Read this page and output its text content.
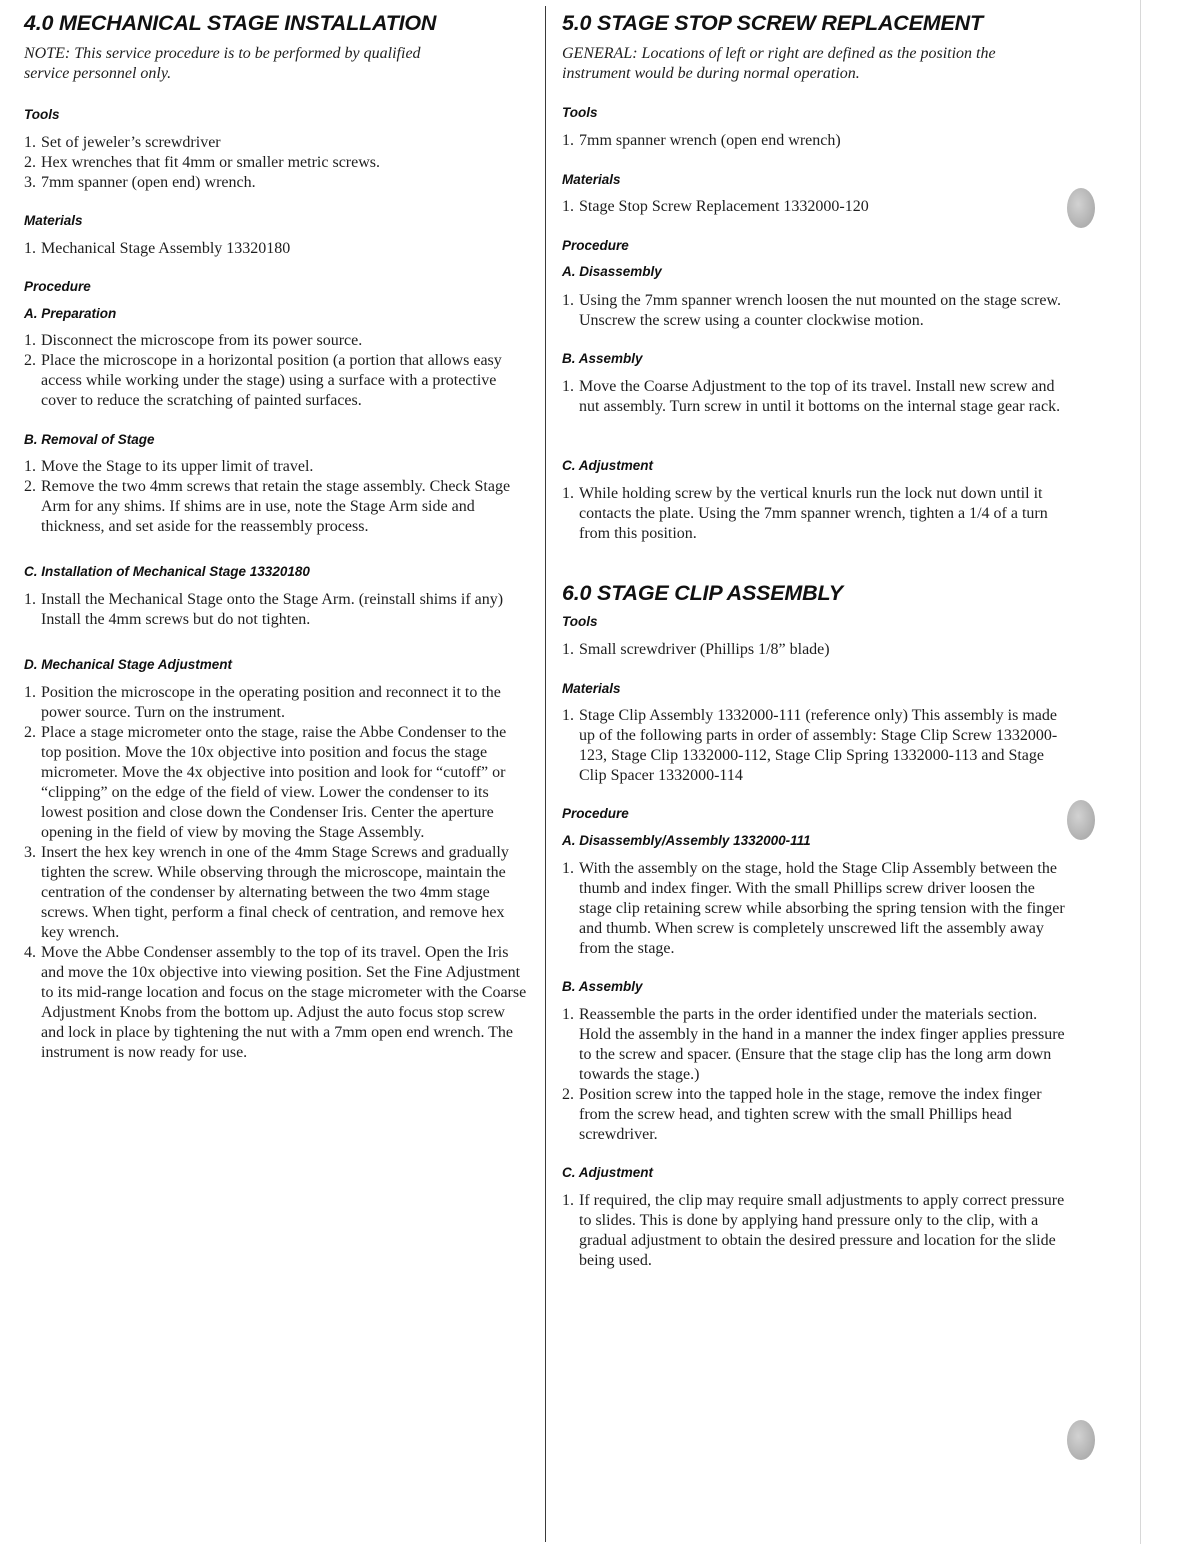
4.0 MECHANICAL STAGE INSTALLATION
NOTE: This service procedure is to be performed by qualified service personnel only.
Tools
1. Set of jeweler’s screwdriver
2. Hex wrenches that fit 4mm or smaller metric screws.
3. 7mm spanner (open end) wrench.
Materials
1. Mechanical Stage Assembly 13320180
Procedure
A. Preparation
1. Disconnect the microscope from its power source.
2. Place the microscope in a horizontal position (a portion that allows easy access while working under the stage) using a surface with a protective cover to reduce the scratching of painted surfaces.
B. Removal of Stage
1. Move the Stage to its upper limit of travel.
2. Remove the two 4mm screws that retain the stage assembly. Check Stage Arm for any shims. If shims are in use, note the Stage Arm side and thickness, and set aside for the reassembly process.
C. Installation of Mechanical Stage 13320180
1. Install the Mechanical Stage onto the Stage Arm. (reinstall shims if any) Install the 4mm screws but do not tighten.
D. Mechanical Stage Adjustment
1. Position the microscope in the operating position and reconnect it to the power source. Turn on the instrument.
2. Place a stage micrometer onto the stage, raise the Abbe Condenser to the top position. Move the 10x objective into position and focus the stage micrometer. Move the 4x objective into position and look for “cutoff” or “clipping” on the edge of the field of view. Lower the condenser to its lowest position and close down the Condenser Iris. Center the aperture opening in the field of view by moving the Stage Assembly.
3. Insert the hex key wrench in one of the 4mm Stage Screws and gradually tighten the screw. While observing through the microscope, maintain the centration of the condenser by alternating between the two 4mm stage screws. When tight, perform a final check of centration, and remove hex key wrench.
4. Move the Abbe Condenser assembly to the top of its travel. Open the Iris and move the 10x objective into viewing position. Set the Fine Adjustment to its mid-range location and focus on the stage micrometer with the Coarse Adjustment Knobs from the bottom up. Adjust the auto focus stop screw and lock in place by tightening the nut with a 7mm open end wrench. The instrument is now ready for use.
5.0 STAGE STOP SCREW REPLACEMENT
GENERAL: Locations of left or right are defined as the position the instrument would be during normal operation.
Tools
1. 7mm spanner wrench (open end wrench)
Materials
1. Stage Stop Screw Replacement 1332000-120
Procedure
A. Disassembly
1. Using the 7mm spanner wrench loosen the nut mounted on the stage screw. Unscrew the screw using a counter clockwise motion.
B. Assembly
1. Move the Coarse Adjustment to the top of its travel. Install new screw and nut assembly. Turn screw in until it bottoms on the internal stage gear rack.
C. Adjustment
1. While holding screw by the vertical knurls run the lock nut down until it contacts the plate. Using the 7mm spanner wrench, tighten a 1/4 of a turn from this position.
6.0 STAGE CLIP ASSEMBLY
Tools
1. Small screwdriver (Phillips 1/8” blade)
Materials
1. Stage Clip Assembly 1332000-111 (reference only) This assembly is made up of the following parts in order of assembly: Stage Clip Screw 1332000-123, Stage Clip 1332000-112, Stage Clip Spring 1332000-113 and Stage Clip Spacer 1332000-114
Procedure
A. Disassembly/Assembly 1332000-111
1. With the assembly on the stage, hold the Stage Clip Assembly between the thumb and index finger. With the small Phillips screw driver loosen the stage clip retaining screw while absorbing the spring tension with the finger and thumb. When screw is completely unscrewed lift the assembly away from the stage.
B. Assembly
1. Reassemble the parts in the order identified under the materials section. Hold the assembly in the hand in a manner the index finger applies pressure to the screw and spacer. (Ensure that the stage clip has the long arm down towards the stage.)
2. Position screw into the tapped hole in the stage, remove the index finger from the screw head, and tighten screw with the small Phillips head screwdriver.
C. Adjustment
1. If required, the clip may require small adjustments to apply correct pressure to slides. This is done by applying hand pressure only to the clip, with a gradual adjustment to obtain the desired pressure and location for the slide being used.
